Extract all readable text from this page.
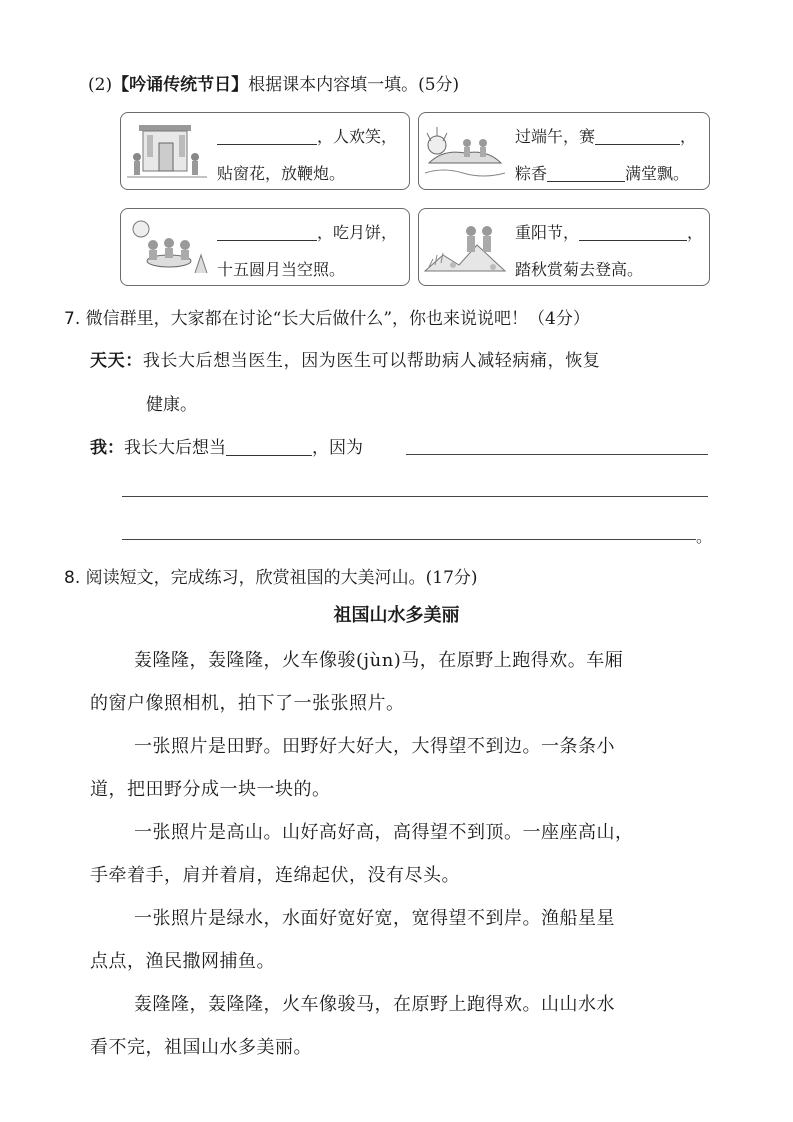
(2)【吟诵传统节日】根据课本内容填一填。(5分)
，人欢笑，
贴窗花，放鞭炮。
过端午，赛	，
粽香	满堂飘。
，吃月饼，
十五圆月当空照。
重阳节，	，
踏秋赏菊去登高。
7. 微信群里，大家都在讨论“长大后做什么”，你也来说说吧！（4分）
天天：我长大后想当医生，因为医生可以帮助病人减轻病痛，恢复
健康。
我：我长大后想当	，因为
。
8. 阅读短文，完成练习，欣赏祖国的大美河山。(17分)
祖国山水多美丽
轰隆隆，轰隆隆，火车像骏(jùn)马，在原野上跑得欢。车厢
的窗户像照相机，拍下了一张张照片。
一张照片是田野。田野好大好大，大得望不到边。一条条小
道，把田野分成一块一块的。
一张照片是高山。山好高好高，高得望不到顶。一座座高山，
手牵着手，肩并着肩，连绵起伏，没有尽头。
一张照片是绿水，水面好宽好宽，宽得望不到岸。渔船星星
点点，渔民撒网捕鱼。
轰隆隆，轰隆隆，火车像骏马，在原野上跑得欢。山山水水
看不完，祖国山水多美丽。
